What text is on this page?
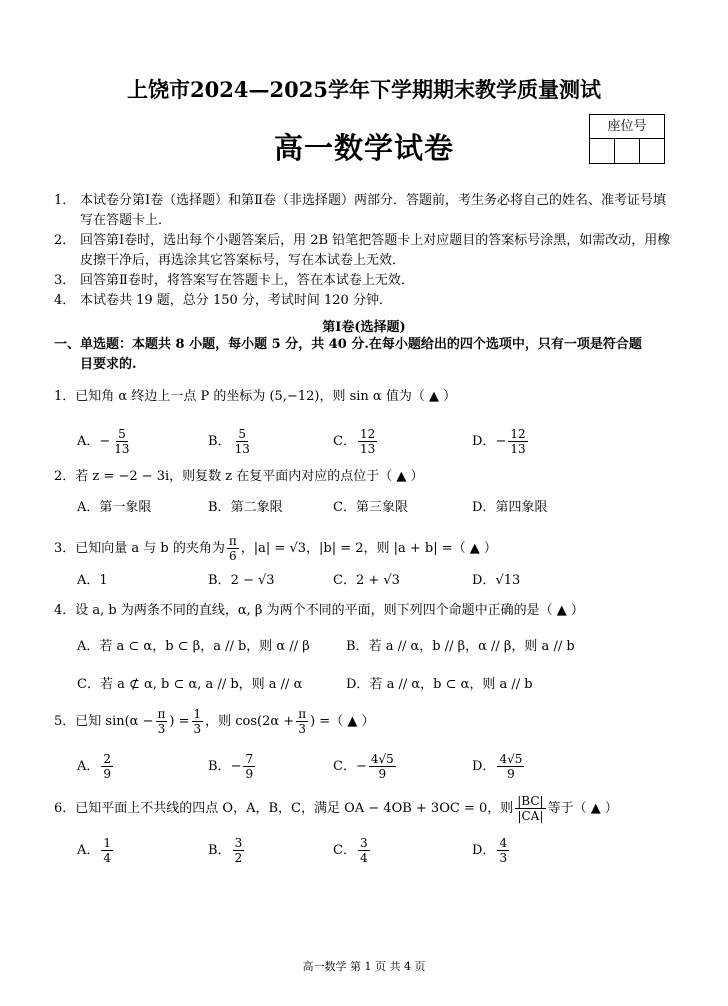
上饶市2024—2025学年下学期期末教学质量测试
高一数学试卷
座位号
1． 本试卷分第Ⅰ卷（选择题）和第Ⅱ卷（非选择题）两部分．答题前，考生务必将自己的姓名、准考证号填写在答题卡上．
2． 回答第Ⅰ卷时，选出每个小题答案后，用 2B 铅笔把答题卡上对应题目的答案标号涂黑，如需改动，用橡皮擦干净后，再选涂其它答案标号，写在本试卷上无效．
3． 回答第Ⅱ卷时，将答案写在答题卡上，答在本试卷上无效．
4． 本试卷共 19 题，总分 150 分，考试时间 120 分钟．
第Ⅰ卷(选择题)
一、单选题：本题共 8 小题，每小题 5 分，共 40 分.在每小题给出的四个选项中，只有一项是符合题
目要求的.
1．已知角 α 终边上一点 P 的坐标为 (5,−12)，则 sin α 值为（ ▲ ）
A．− $\frac{5}{13}$	B． $\frac{5}{13}$	C． $\frac{12}{13}$	D．− $\frac{12}{13}$
2．若 z = −2 − 3i，则复数 z 在复平面内对应的点位于（ ▲ ）
A．第一象限	B．第二象限	C．第三象限	D．第四象限
3．已知向量 a 与 b 的夹角为 $\frac{\pi}{6}$ ，|a| = √3，|b| = 2，则 |a + b| =（ ▲ ）
A．1	B．2 − √3	C．2 + √3	D．√13
4．设 a, b 为两条不同的直线，α, β 为两个不同的平面，则下列四个命题中正确的是（ ▲ ）
A．若 a ⊂ α，b ⊂ β，a // b，则 α // β	B．若 a // α，b // β，α // β，则 a // b
C．若 a ⊄ α, b ⊂ α, a // b，则 a // α	D．若 a // α，b ⊂ α，则 a // b
5．已知 $\sin(\alpha - \frac{\pi}{3}$ ) = $\frac{1}{3}$ ，则 $\cos(2\alpha + \frac{\pi}{3}$ ) =（ ▲ ）
A． $\frac{2}{9}$	B．− $\frac{7}{9}$	C．− $\frac{4√5}{9}$	D． $\frac{4√5}{9}$
6．已知平面上不共线的四点 O，A，B，C，满足 OA − 4OB + 3OC = 0，则 $\frac{|BC|}{|CA|}$ 等于（ ▲ ）
A． $\frac{1}{4}$	B． $\frac{3}{2}$	C． $\frac{3}{4}$	D． $\frac{4}{3}$
高一数学 第 1 页 共 4 页
